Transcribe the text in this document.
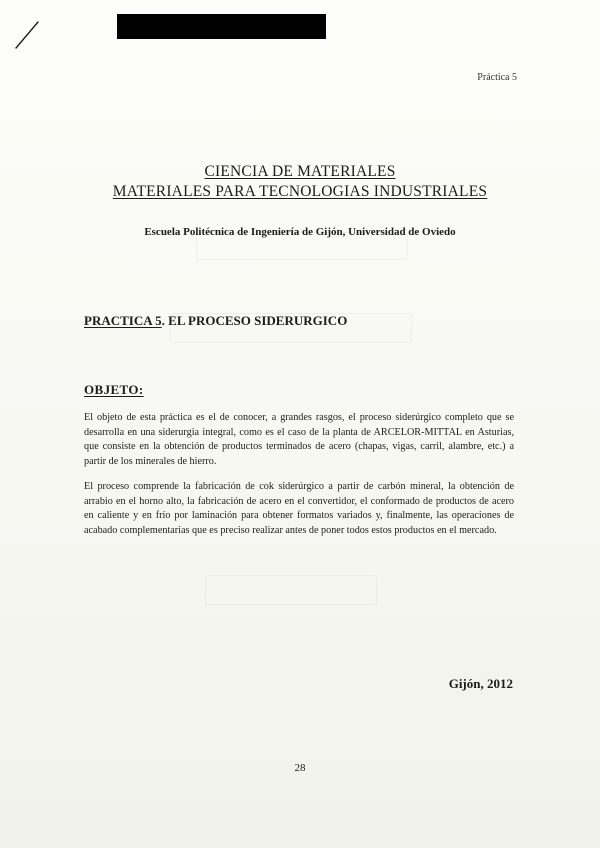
Práctica 5
CIENCIA DE MATERIALES
MATERIALES PARA TECNOLOGIAS INDUSTRIALES
Escuela Politécnica de Ingeniería de Gijón, Universidad de Oviedo
PRACTICA 5. EL PROCESO SIDERURGICO
OBJETO:

El objeto de esta práctica es el de conocer, a grandes rasgos, el proceso siderúrgico completo que se desarrolla en una siderurgia integral, como es el caso de la planta de ARCELOR-MITTAL en Asturias, que consiste en la obtención de productos terminados de acero (chapas, vigas, carril, alambre, etc.) a partir de los minerales de hierro.

El proceso comprende la fabricación de cok siderúrgico a partir de carbón mineral, la obtención de arrabio en el horno alto, la fabricación de acero en el convertidor, el conformado de productos de acero en caliente y en frío por laminación para obtener formatos variados y, finalmente, las operaciones de acabado complementarias que es preciso realizar antes de poner todos estos productos en el mercado.

Gijón, 2012
28
